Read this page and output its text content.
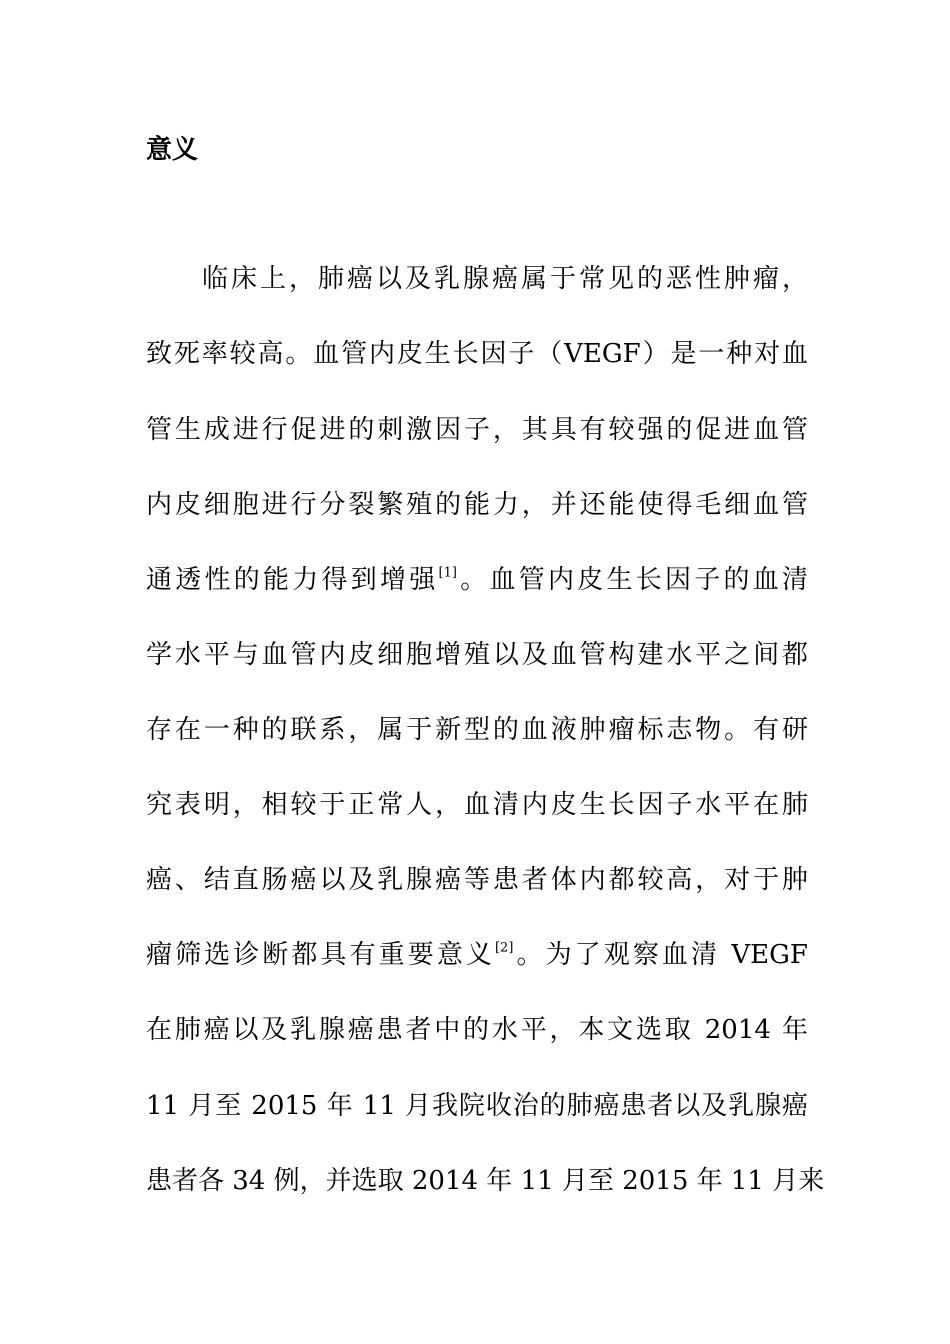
意义
临床上，肺癌以及乳腺癌属于常见的恶性肿瘤，
致死率较高。血管内皮生长因子（VEGF）是一种对血
管生成进行促进的刺激因子，其具有较强的促进血管
内皮细胞进行分裂繁殖的能力，并还能使得毛细血管
通透性的能力得到增强[1]。血管内皮生长因子的血清
学水平与血管内皮细胞增殖以及血管构建水平之间都
存在一种的联系，属于新型的血液肿瘤标志物。有研
究表明，相较于正常人，血清内皮生长因子水平在肺
癌、结直肠癌以及乳腺癌等患者体内都较高，对于肿
瘤筛选诊断都具有重要意义[2]。为了观察血清 VEGF
在肺癌以及乳腺癌患者中的水平，本文选取 2014 年
11 月至 2015 年 11 月我院收治的肺癌患者以及乳腺癌
患者各 34 例，并选取 2014 年 11 月至 2015 年 11 月来
